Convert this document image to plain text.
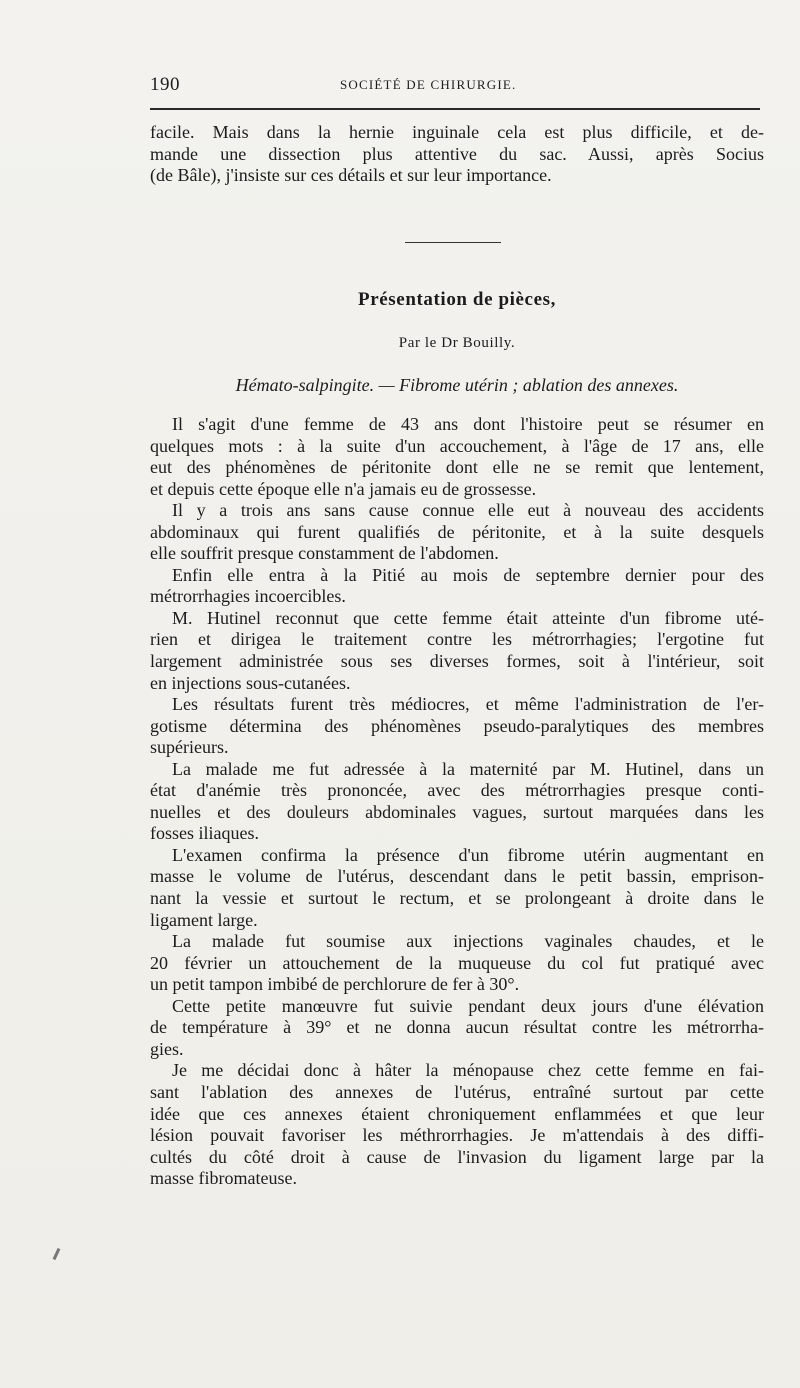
190	SOCIÉTÉ DE CHIRURGIE.

facile. Mais dans la hernie inguinale cela est plus difficile, et de-

mande une dissection plus attentive du sac. Aussi, après Socius

(de Bâle), j'insiste sur ces détails et sur leur importance.

Présentation de pièces,
Par le Dr Bouilly.
Hémato-salpingite. — Fibrome utérin ; ablation des annexes.

Il s'agit d'une femme de 43 ans dont l'histoire peut se résumer en

quelques mots : à la suite d'un accouchement, à l'âge de 17 ans, elle

eut des phénomènes de péritonite dont elle ne se remit que lentement,

et depuis cette époque elle n'a jamais eu de grossesse.

Il y a trois ans sans cause connue elle eut à nouveau des accidents

abdominaux qui furent qualifiés de péritonite, et à la suite desquels

elle souffrit presque constamment de l'abdomen.

Enfin elle entra à la Pitié au mois de septembre dernier pour des

métrorrhagies incoercibles.

M. Hutinel reconnut que cette femme était atteinte d'un fibrome uté-

rien et dirigea le traitement contre les métrorrhagies; l'ergotine fut

largement administrée sous ses diverses formes, soit à l'intérieur, soit

en injections sous-cutanées.

Les résultats furent très médiocres, et même l'administration de l'er-

gotisme détermina des phénomènes pseudo-paralytiques des membres

supérieurs.

La malade me fut adressée à la maternité par M. Hutinel, dans un

état d'anémie très prononcée, avec des métrorrhagies presque conti-

nuelles et des douleurs abdominales vagues, surtout marquées dans les

fosses iliaques.

L'examen confirma la présence d'un fibrome utérin augmentant en

masse le volume de l'utérus, descendant dans le petit bassin, emprison-

nant la vessie et surtout le rectum, et se prolongeant à droite dans le

ligament large.

La malade fut soumise aux injections vaginales chaudes, et le

20 février un attouchement de la muqueuse du col fut pratiqué avec

un petit tampon imbibé de perchlorure de fer à 30°.

Cette petite manœuvre fut suivie pendant deux jours d'une élévation

de température à 39° et ne donna aucun résultat contre les métrorrha-

gies.

Je me décidai donc à hâter la ménopause chez cette femme en fai-

sant l'ablation des annexes de l'utérus, entraîné surtout par cette

idée que ces annexes étaient chroniquement enflammées et que leur

lésion pouvait favoriser les méthrorrhagies. Je m'attendais à des diffi-

cultés du côté droit à cause de l'invasion du ligament large par la

masse fibromateuse.
